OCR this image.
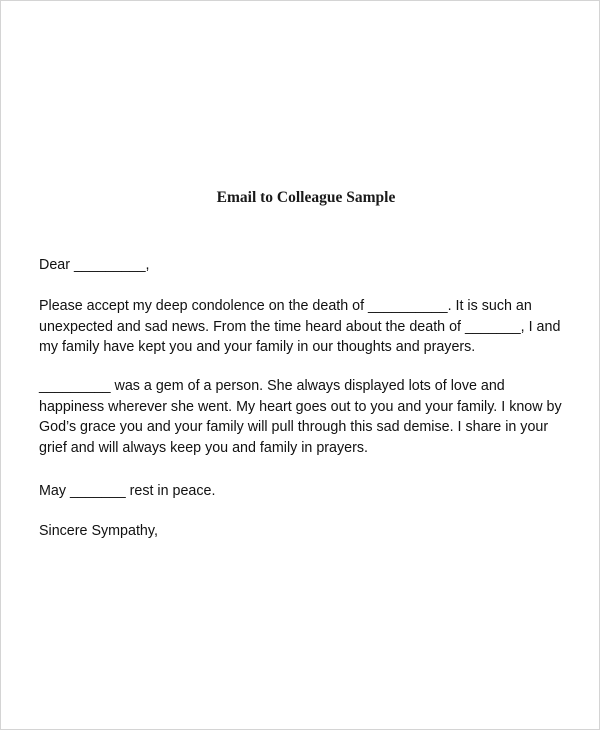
Email to Colleague Sample

Dear _________,

Please accept my deep condolence on the death of __________. It is such an
unexpected and sad news. From the time heard about the death of _______, I and
my family have kept you and your family in our thoughts and prayers.

_________ was a gem of a person. She always displayed lots of love and
happiness wherever she went. My heart goes out to you and your family. I know by
God’s grace you and your family will pull through this sad demise. I share in your
grief and will always keep you and family in prayers.

May _______ rest in peace.

Sincere Sympathy,
